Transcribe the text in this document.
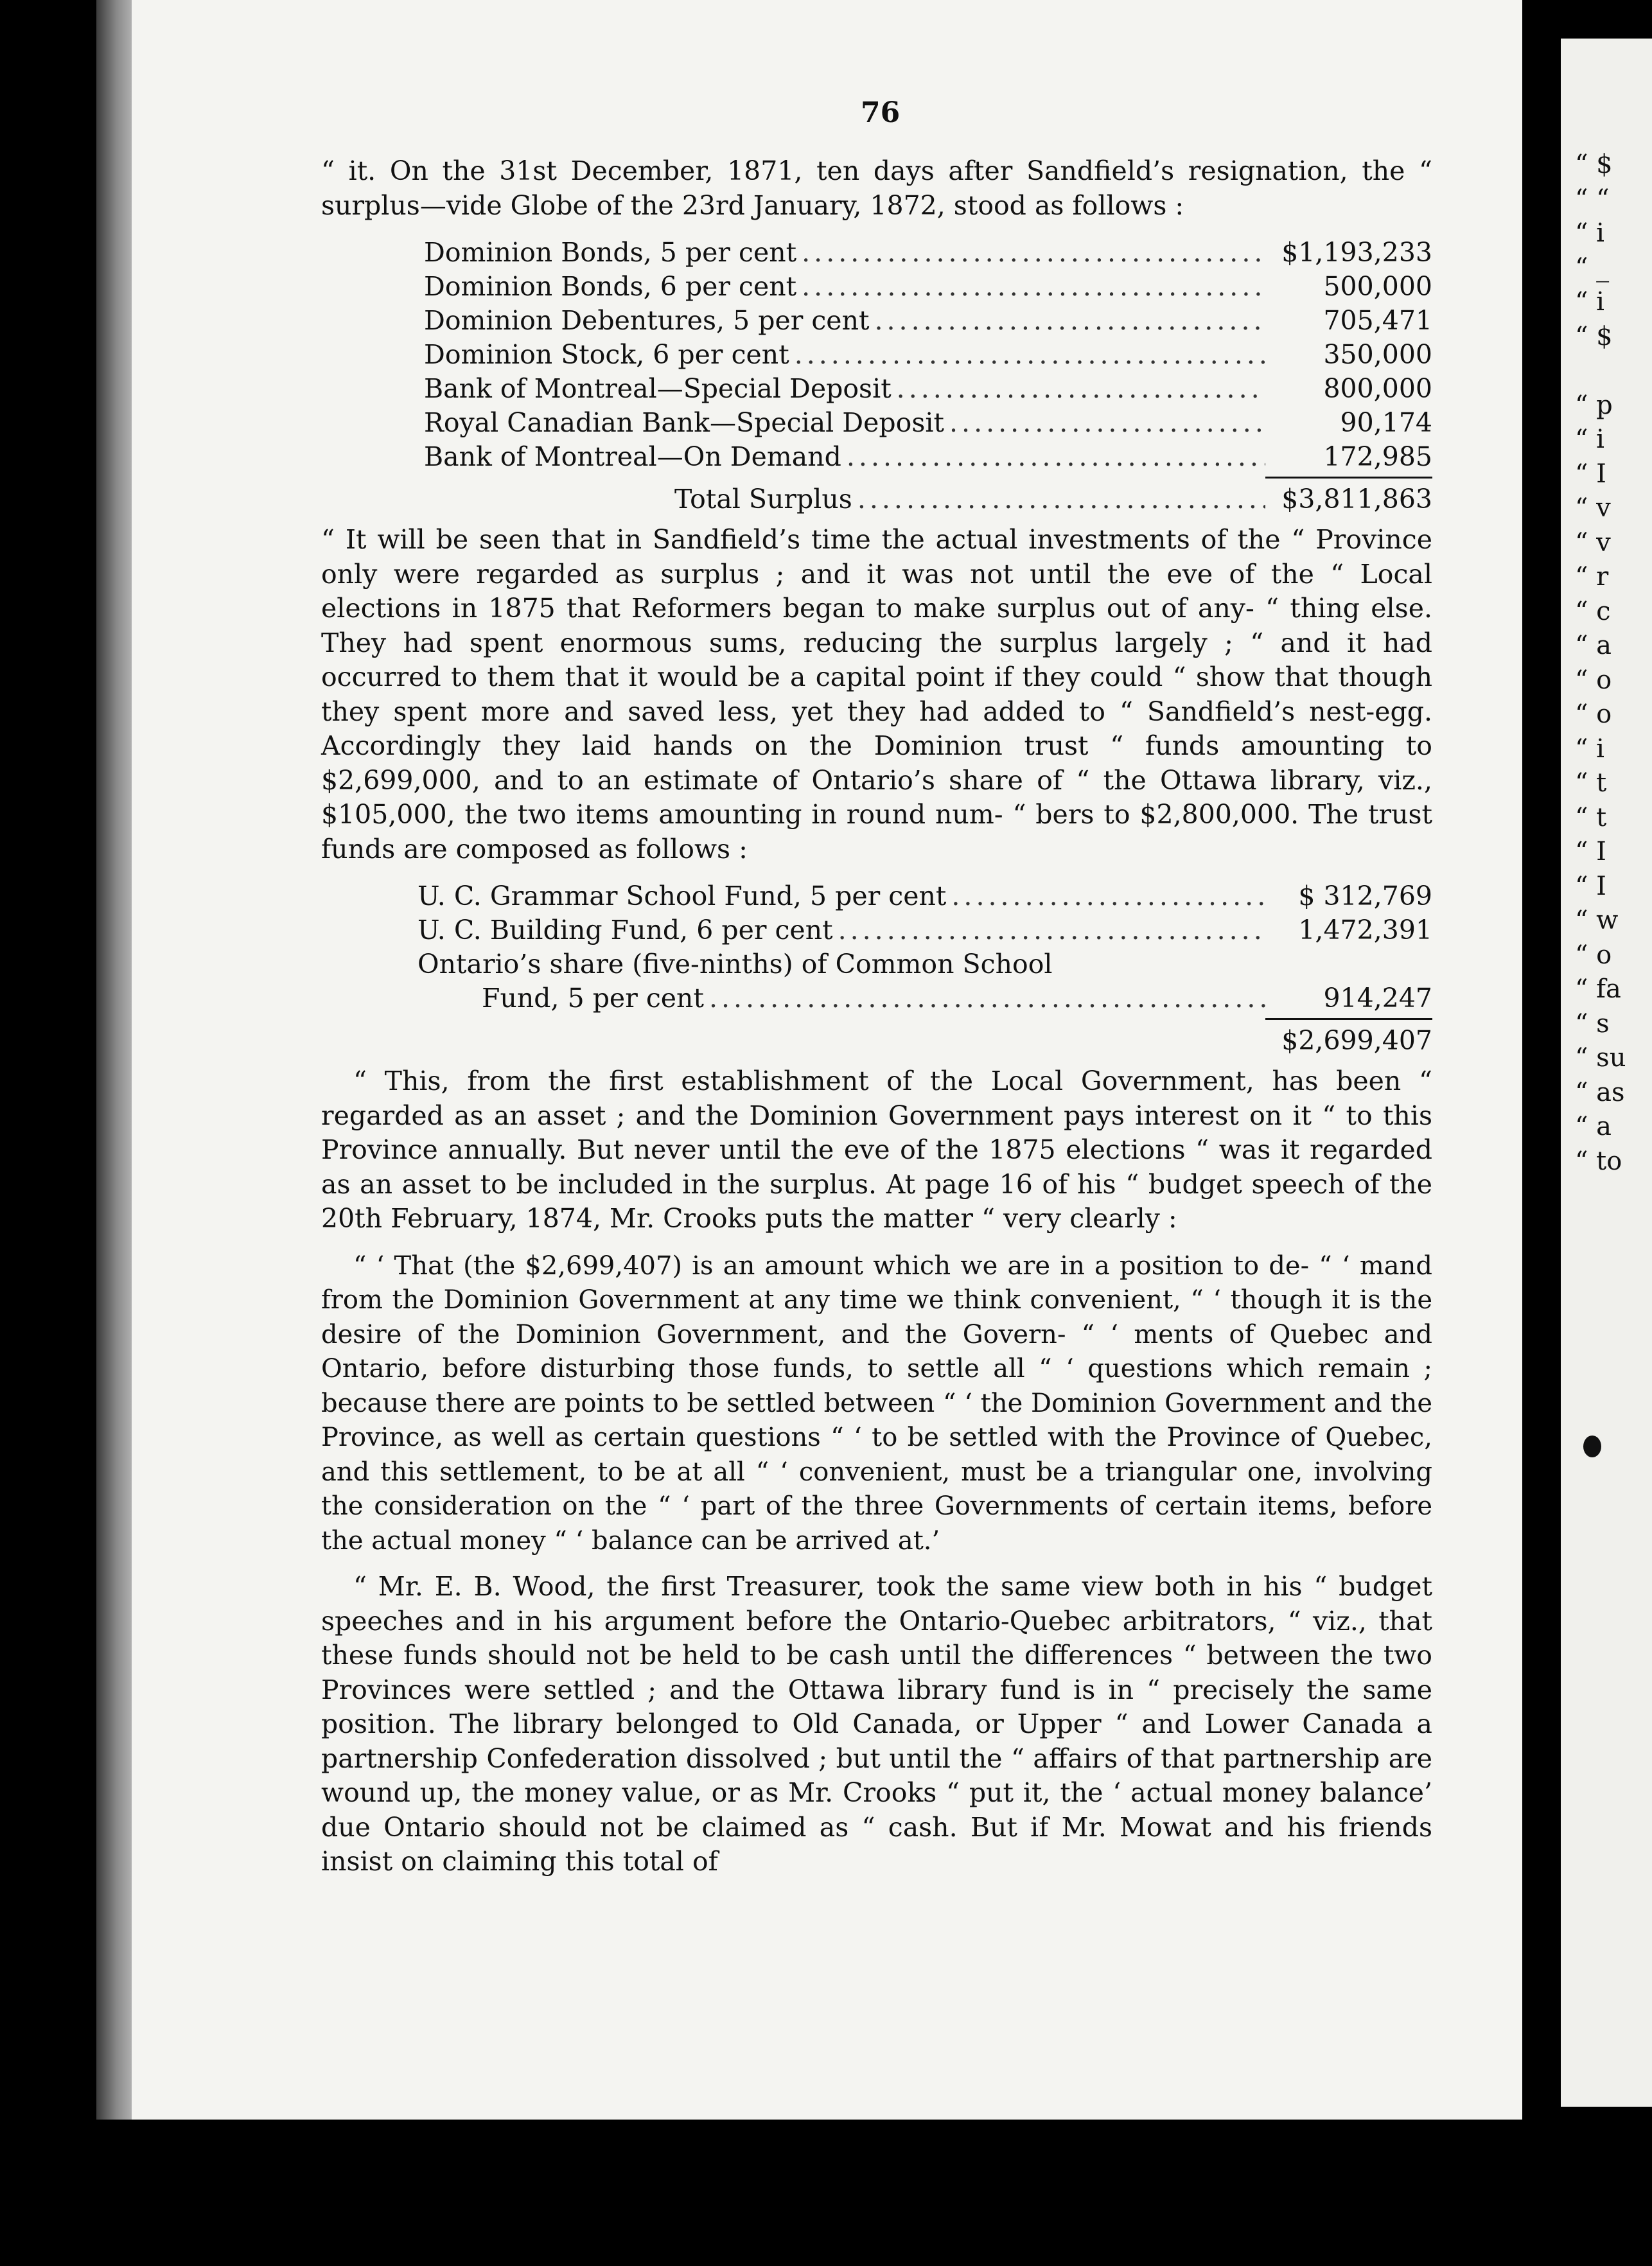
76

“ it. On the 31st December, 1871, ten days after Sandfield’s resignation, the “ surplus—vide Globe of the 23rd January, 1872, stood as follows :

Dominion Bonds, 5 per cent .....	$1,193,233
Dominion Bonds, 6 per cent .....	500,000
Dominion Debentures, 5 per cent .....	705,471
Dominion Stock, 6 per cent .....	350,000
Bank of Montreal—Special Deposit .....	800,000
Royal Canadian Bank—Special Deposit .....	90,174
Bank of Montreal—On Demand .....	172,985
Total Surplus .....	$3,811,863

“ It will be seen that in Sandfield’s time the actual investments of the “ Province only were regarded as surplus ; and it was not until the eve of the “ Local elections in 1875 that Reformers began to make surplus out of any- “ thing else. They had spent enormous sums, reducing the surplus largely ; “ and it had occurred to them that it would be a capital point if they could “ show that though they spent more and saved less, yet they had added to “ Sandfield’s nest-egg. Accordingly they laid hands on the Dominion trust “ funds amounting to $2,699,000, and to an estimate of Ontario’s share of “ the Ottawa library, viz., $105,000, the two items amounting in round num- “ bers to $2,800,000. The trust funds are composed as follows :

U. C. Grammar School Fund, 5 per cent .....	$ 312,769
U. C. Building Fund, 6 per cent .....	1,472,391
Ontario’s share (five-ninths) of Common School
Fund, 5 per cent .....	914,247
$2,699,407

“ This, from the first establishment of the Local Government, has been “ regarded as an asset ; and the Dominion Government pays interest on it “ to this Province annually. But never until the eve of the 1875 elections “ was it regarded as an asset to be included in the surplus. At page 16 of his “ budget speech of the 20th February, 1874, Mr. Crooks puts the matter “ very clearly :

“ ‘ That (the $2,699,407) is an amount which we are in a position to de- “ ‘ mand from the Dominion Government at any time we think convenient, “ ‘ though it is the desire of the Dominion Government, and the Govern- “ ‘ ments of Quebec and Ontario, before disturbing those funds, to settle all “ ‘ questions which remain ; because there are points to be settled between “ ‘ the Dominion Government and the Province, as well as certain questions “ ‘ to be settled with the Province of Quebec, and this settlement, to be at all “ ‘ convenient, must be a triangular one, involving the consideration on the “ ‘ part of the three Governments of certain items, before the actual money “ ‘ balance can be arrived at.’

“ Mr. E. B. Wood, the first Treasurer, took the same view both in his “ budget speeches and in his argument before the Ontario-Quebec arbitrators, “ viz., that these funds should not be held to be cash until the differences “ between the two Provinces were settled ; and the Ottawa library fund is in “ precisely the same position. The library belonged to Old Canada, or Upper “ and Lower Canada a partnership Confederation dissolved ; but until the “ affairs of that partnership are wound up, the money value, or as Mr. Crooks “ put it, the ‘ actual money balance’ due Ontario should not be claimed as “ cash. But if Mr. Mowat and his friends insist on claiming this total of

“ $
“ “
“ i
“ _
“ i
“ $
“ p
“ i
“ I
“ v
“ v
“ r
“ c
“ a
“ o
“ o
“ i
“ t
“ t
“ I
“ I
“ w
“ o
“ fa
“ s
“ su
“ as
“ a
“ to
